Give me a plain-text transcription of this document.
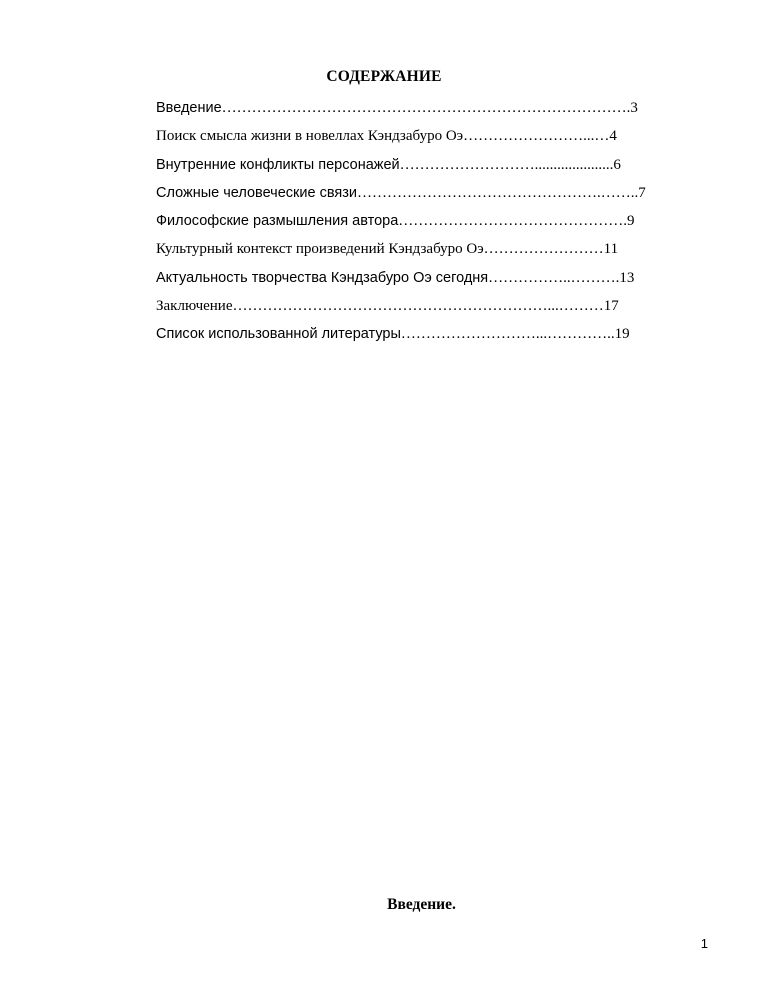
СОДЕРЖАНИЕ
Введение……………………………………………………………………….3
Поиск смысла жизни в новеллах Кэндзабуро Оэ……………………...…4
Внутренние конфликты персонажей……………………….....................6
Сложные человеческие связи………………………………………….……..7
Философские размышления автора……………………………………….9
Культурный контекст произведений Кэндзабуро Оэ……………………11
Актуальность творчества Кэндзабуро Оэ сегодня……………..……….13
Заключение………………………………………………………...………17
Список использованной литературы………………………...…………..19
Введение.
1
